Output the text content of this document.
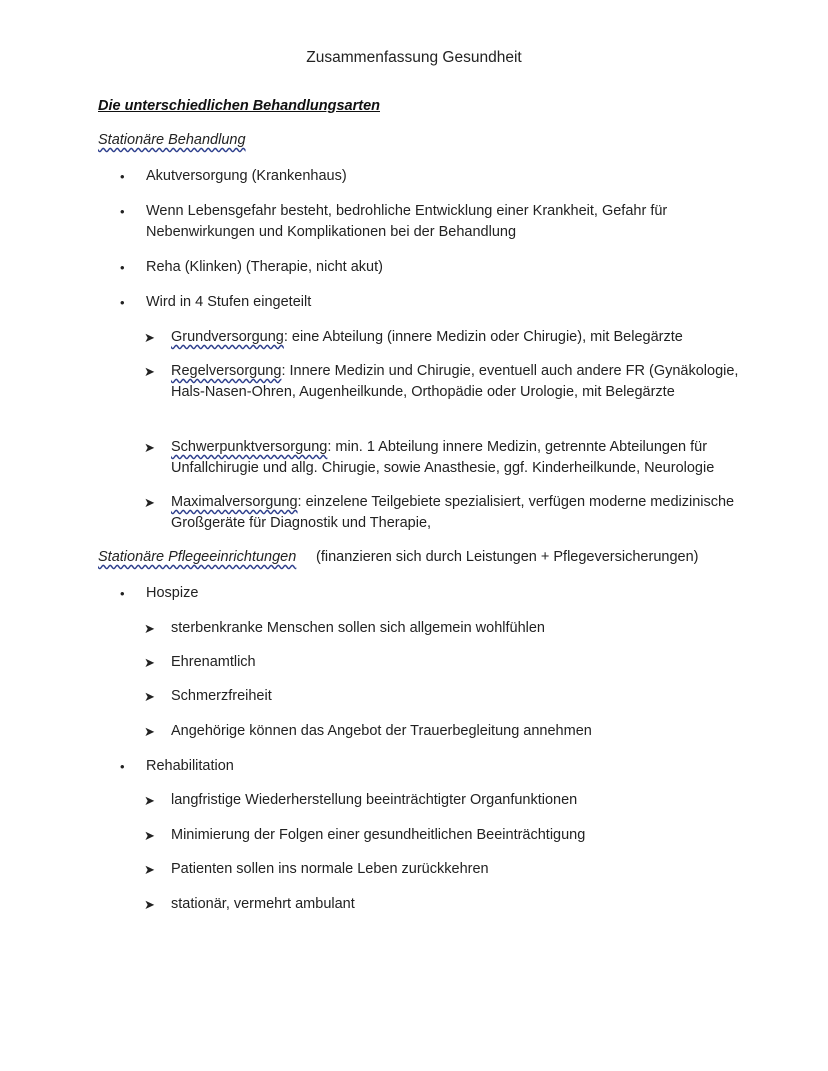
Zusammenfassung Gesundheit
Die unterschiedlichen Behandlungsarten
Stationäre Behandlung
• Akutversorgung (Krankenhaus)
• Wenn Lebensgefahr besteht, bedrohliche Entwicklung einer Krankheit, Gefahr für Nebenwirkungen und Komplikationen bei der Behandlung
• Reha (Klinken) (Therapie, nicht akut)
• Wird in 4 Stufen eingeteilt
➤ Grundversorgung: eine Abteilung (innere Medizin oder Chirugie), mit Belegärzte
➤ Regelversorgung: Innere Medizin und Chirugie, eventuell auch andere FR (Gynäkologie, Hals-Nasen-Ohren, Augenheilkunde, Orthopädie oder Urologie, mit Belegärzte
➤ Schwerpunktversorgung: min. 1 Abteilung innere Medizin, getrennte Abteilungen für Unfallchirugie und allg. Chirugie, sowie Anasthesie, ggf. Kinderheilkunde, Neurologie
➤ Maximalversorgung: einzelene Teilgebiete spezialisiert, verfügen moderne medizinische Großgeräte für Diagnostik und Therapie,
Stationäre Pflegeeinrichtungen (finanzieren sich durch Leistungen + Pflegeversicherungen)
• Hospize
➤ sterbenkranke Menschen sollen sich allgemein wohlfühlen
➤ Ehrenamtlich
➤ Schmerzfreiheit
➤ Angehörige können das Angebot der Trauerbegleitung annehmen
• Rehabilitation
➤ langfristige Wiederherstellung beeinträchtigter Organfunktionen
➤ Minimierung der Folgen einer gesundheitlichen Beeinträchtigung
➤ Patienten sollen ins normale Leben zurückkehren
➤ stationär, vermehrt ambulant
